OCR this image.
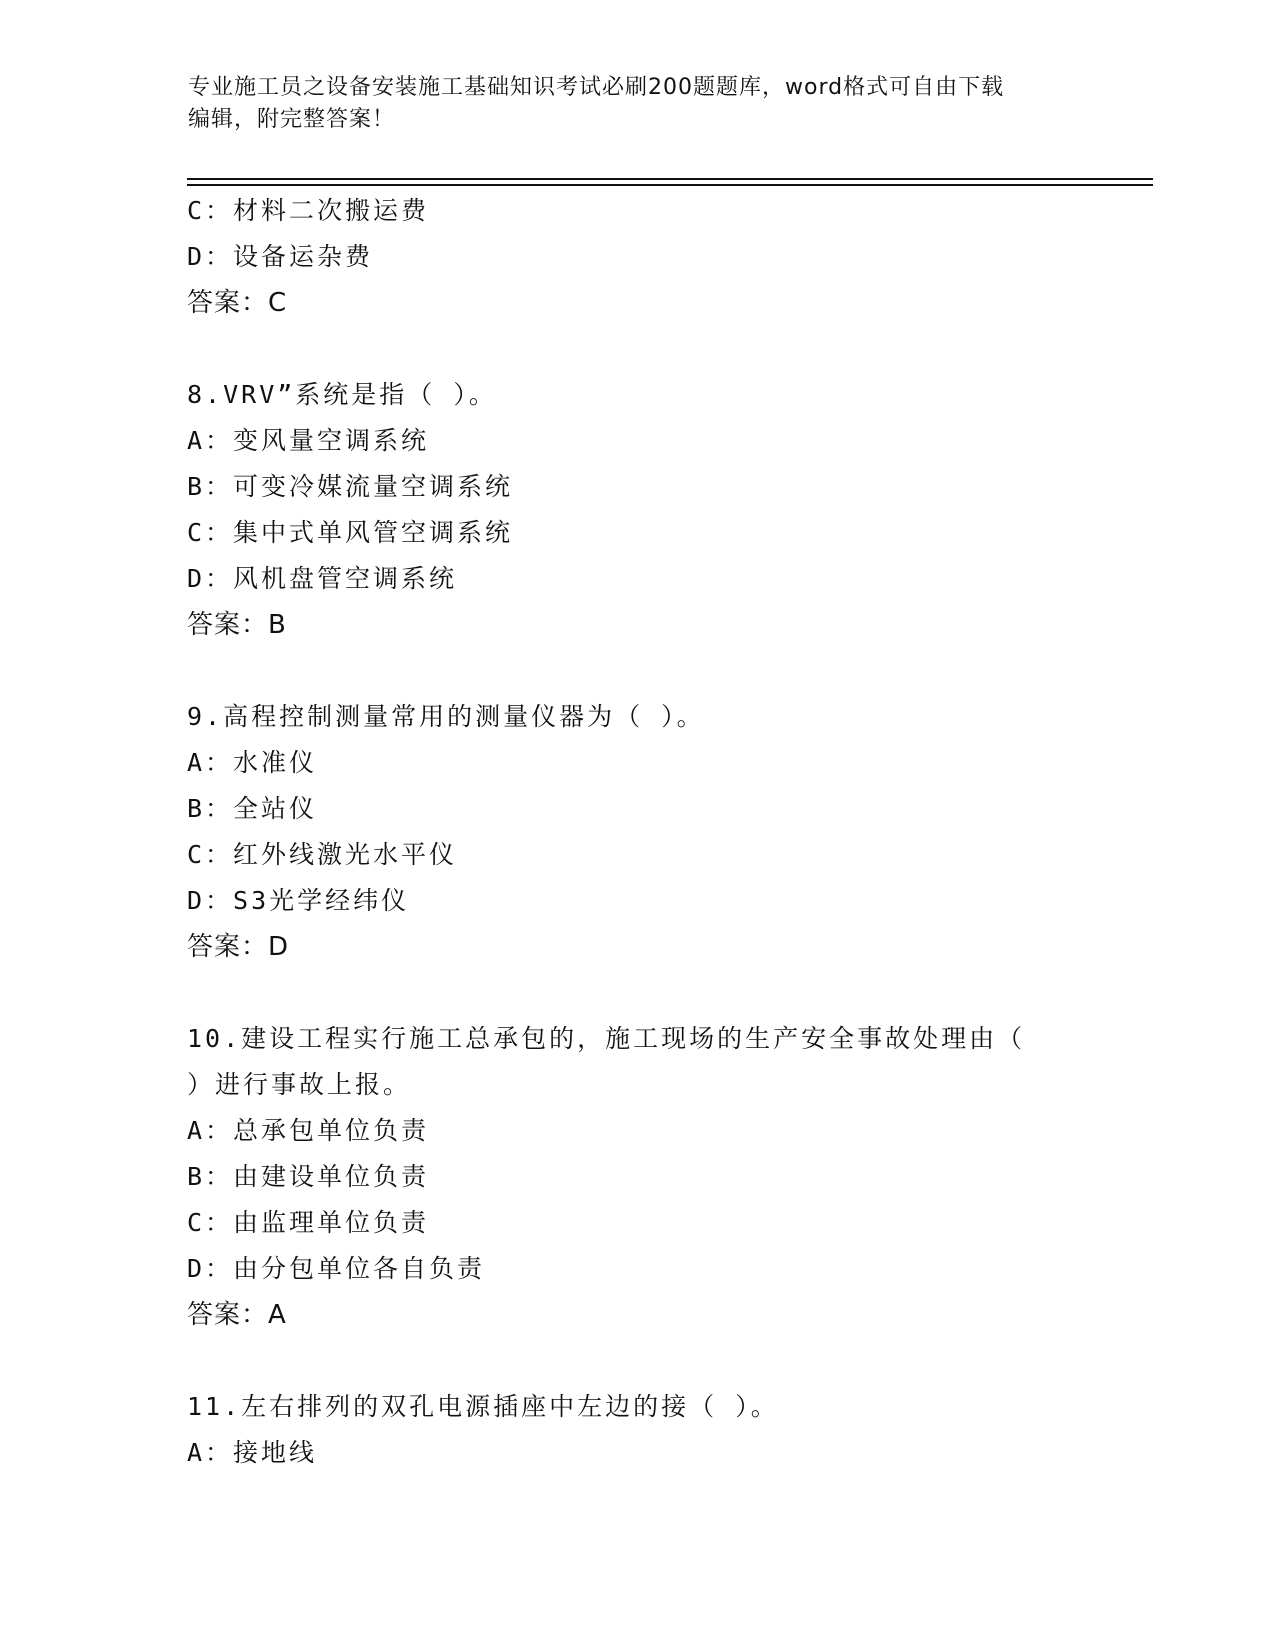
专业施工员之设备安装施工基础知识考试必刷200题题库，word格式可自由下载
编辑，附完整答案！
C：材料二次搬运费
D：设备运杂费
答案：C
8.VRV”系统是指（ ）。
A：变风量空调系统
B：可变冷媒流量空调系统
C：集中式单风管空调系统
D：风机盘管空调系统
答案：B
9.高程控制测量常用的测量仪器为（ ）。
A：水准仪
B：全站仪
C：红外线激光水平仪
D：S3光学经纬仪
答案：D
10.建设工程实行施工总承包的，施工现场的生产安全事故处理由（
）进行事故上报。
A：总承包单位负责
B：由建设单位负责
C：由监理单位负责
D：由分包单位各自负责
答案：A
11.左右排列的双孔电源插座中左边的接（ ）。
A：接地线
